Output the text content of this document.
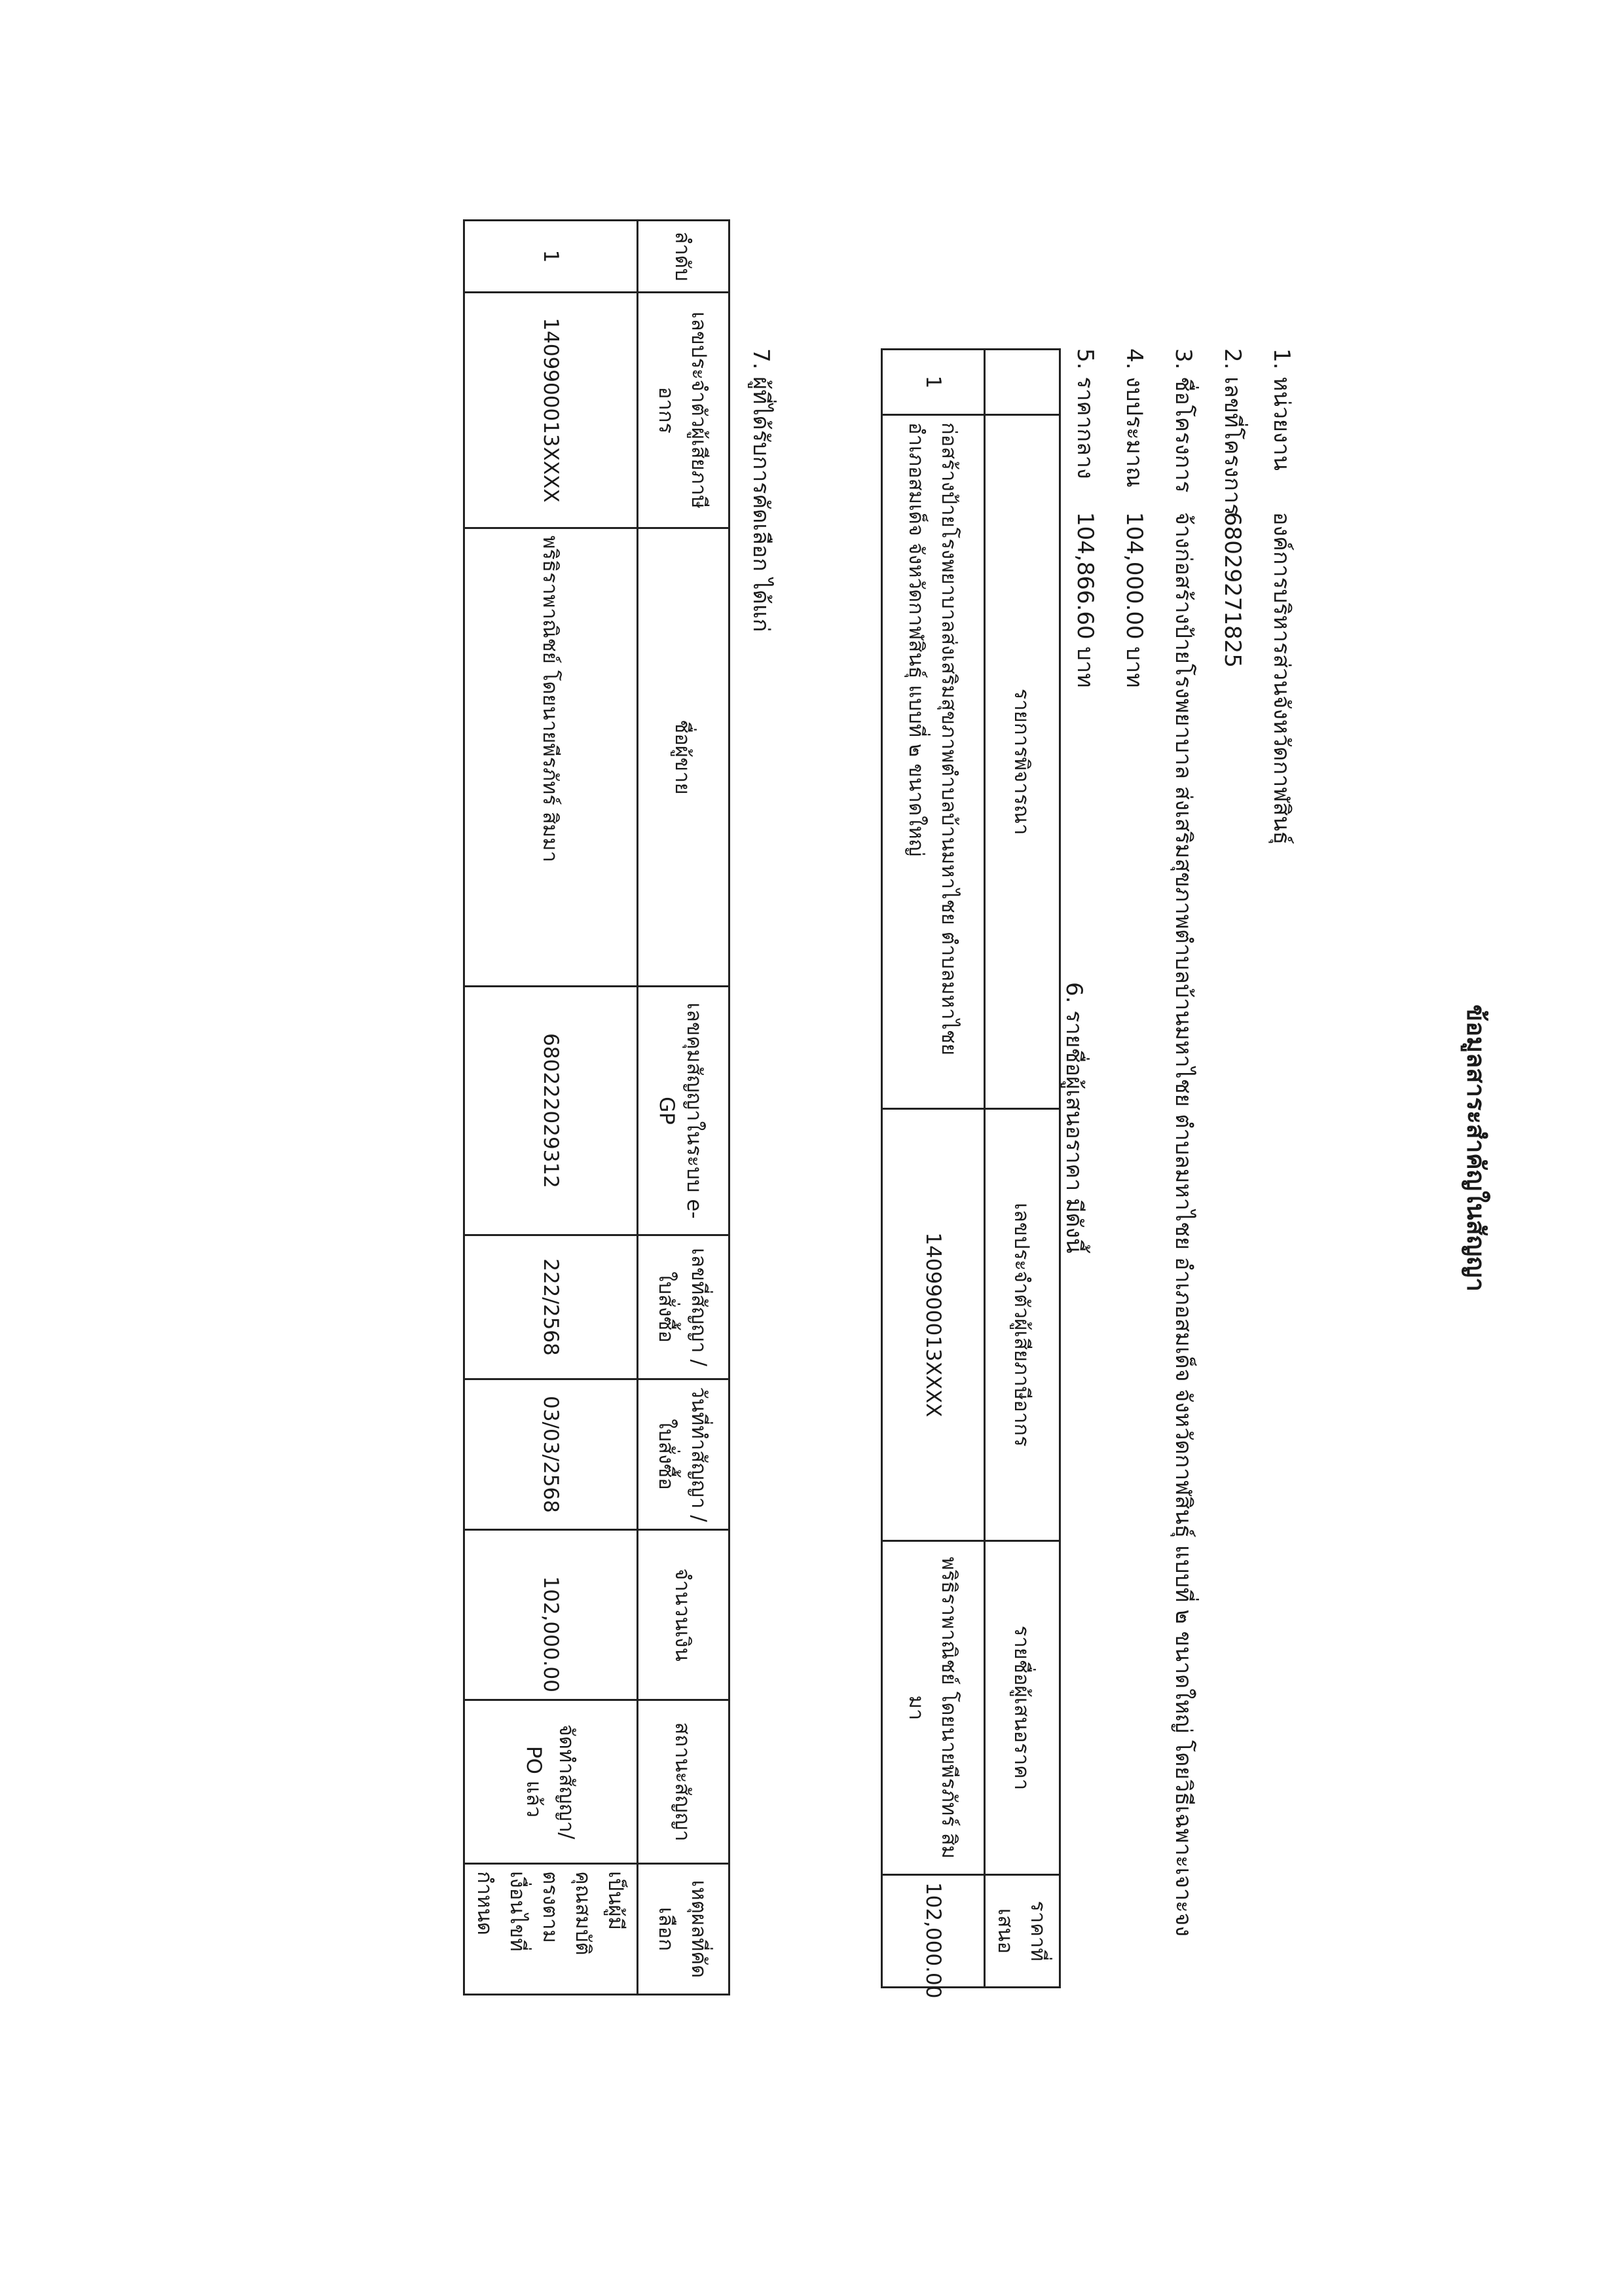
ข้อมูลสาระสำคัญในสัญญา
1. หน่วยงานองค์การบริหารส่วนจังหวัดกาฬสินธุ์
2. เลขที่โครงการ68029271825
3. ชื่อโครงการจ้างก่อสร้างป้ายโรงพยาบาล ส่งเสริมสุขภาพตำบลบ้านมหาไชย ตำบลมหาไชย อำเภอสมเด็จ จังหวัดกาฬสินธุ์ แบบที่ ๒ ขนาดใหญ่ โดยวิธีเฉพาะเจาะจง
4. งบประมาณ104,000.00 บาท
5. ราคากลาง104,866.60 บาท
6. รายชื่อผู้เสนอราคา มีดังนี้
	รายการพิจารณา	เลขประจำตัวผู้เสียภาษีอากร	รายชื่อผู้เสนอราคา	ราคาที่เสนอ
1	ก่อสร้างป้ายโรงพยาบาลส่งเสริมสุขภาพตำบลบ้านมหาไชย ตำบลมหาไชย อำเภอสมเด็จ จังหวัดกาฬสินธุ์ แบบที่ ๒ ขนาดใหญ่	1409900013XXXX	พริธิราพาณิชย์ โดยนายพีรภัทร์ สิมมา	102,000.00
7. ผู้ที่ได้รับการคัดเลือก ได้แก่
ลำดับ	เลขประจำตัวผู้เสียภาษีอากร	ชื่อผู้ขาย	เลขคุมสัญญาในระบบ e-GP	เลขที่สัญญา / ใบสั่งซื้อ	วันที่ทำสัญญา / ใบสั่งซื้อ	จำนวนเงิน	สถานะสัญญา	เหตุผลที่คัดเลือก
1	1409900013XXXX	พริธิราพาณิชย์ โดยนายพีรภัทร์ สิมมา	68022202931​2	222/2568	03/03/2568	102,000.00	จัดทำสัญญา/ PO แล้ว	เป็นผู้มีคุณสมบัติตรงตามเงื่อนไขที่กำหนด
